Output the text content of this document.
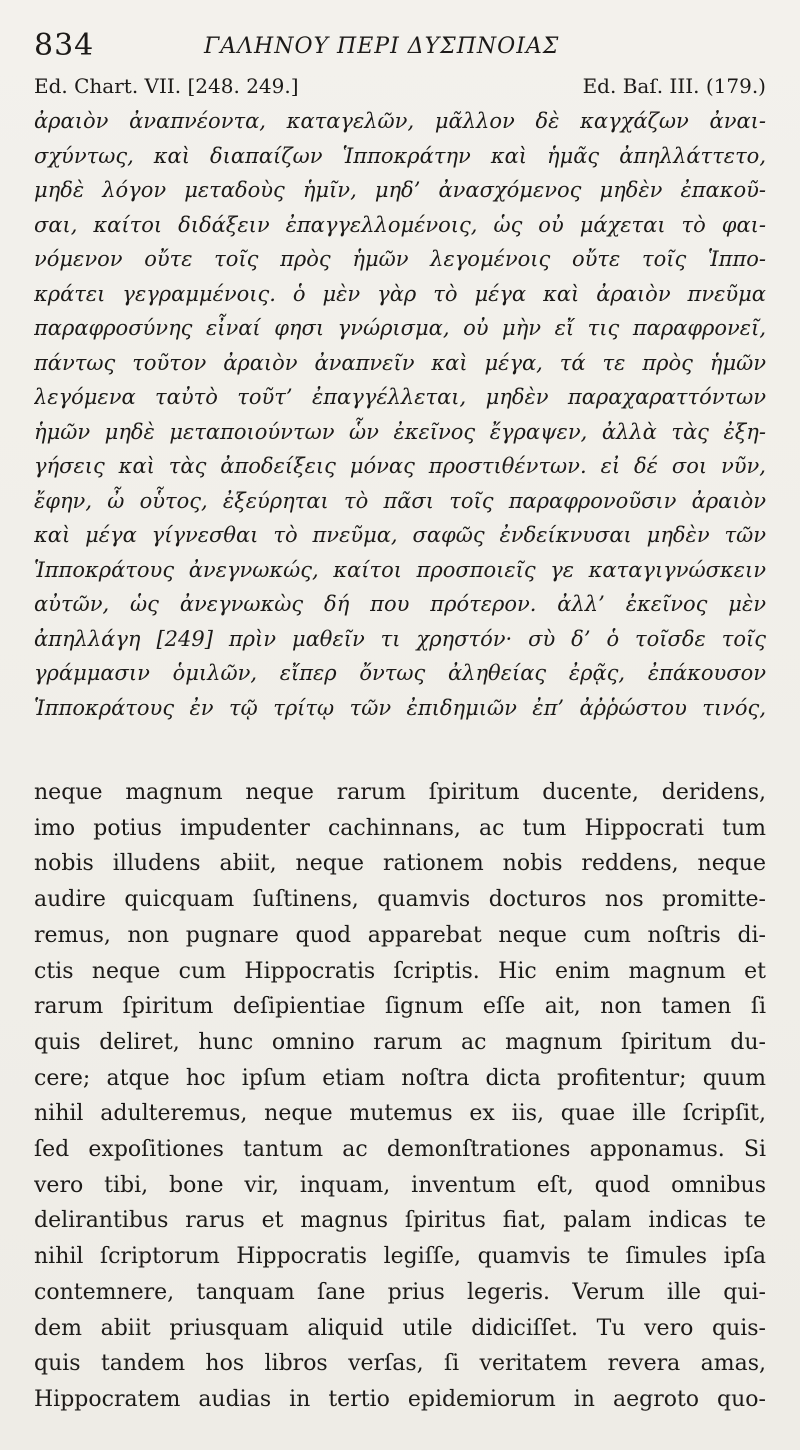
834	ΓΑΛΗΝΟΥ ΠΕΡΙ ΔΥΣΠΝΟΙΑΣ
Ed. Chart. VII. [248. 249.]	Ed. Baſ. III. (179.)

ἀραιὸν ἀναπνέοντα, καταγελῶν, μᾶλλον δὲ καγχάζων ἀναι-
σχύντως, καὶ διαπαίζων Ἱπποκράτην καὶ ἡμᾶς ἀπηλλάττετο,
μηδὲ λόγον μεταδοὺς ἡμῖν, μηδ’ ἀνασχόμενος μηδὲν ἐπακοῦ-
σαι, καίτοι διδάξειν ἐπαγγελλομένοις, ὡς οὐ μάχεται τὸ φαι-
νόμενον οὔτε τοῖς πρὸς ἡμῶν λεγομένοις οὔτε τοῖς Ἱππο-
κράτει γεγραμμένοις. ὁ μὲν γὰρ τὸ μέγα καὶ ἀραιὸν πνεῦμα
παραφροσύνης εἶναί φησι γνώρισμα, οὐ μὴν εἴ τις παραφρονεῖ,
πάντως τοῦτον ἀραιὸν ἀναπνεῖν καὶ μέγα, τά τε πρὸς ἡμῶν
λεγόμενα ταὐτὸ τοῦτ’ ἐπαγγέλλεται, μηδὲν παραχαραττόντων
ἡμῶν μηδὲ μεταποιούντων ὧν ἐκεῖνος ἔγραψεν, ἀλλὰ τὰς ἐξη-
γήσεις καὶ τὰς ἀποδείξεις μόνας προστιθέντων. εἰ δέ σοι νῦν,
ἔφην, ὦ οὗτος, ἐξεύρηται τὸ πᾶσι τοῖς παραφρονοῦσιν ἀραιὸν
καὶ μέγα γίγνεσθαι τὸ πνεῦμα, σαφῶς ἐνδείκνυσαι μηδὲν τῶν
Ἱπποκράτους ἀνεγνωκώς, καίτοι προσποιεῖς γε καταγιγνώσκειν
αὐτῶν, ὡς ἀνεγνωκὼς δή που πρότερον. ἀλλ’ ἐκεῖνος μὲν
ἀπηλλάγη [249] πρὶν μαθεῖν τι χρηστόν· σὺ δ’ ὁ τοῖσδε τοῖς
γράμμασιν ὁμιλῶν, εἴπερ ὄντως ἀληθείας ἐρᾷς, ἐπάκουσον
Ἱπποκράτους ἐν τῷ τρίτῳ τῶν ἐπιδημιῶν ἐπ’ ἀῤῥώστου τινός,

neque magnum neque rarum ſpiritum ducente, deridens,
imo potius impudenter cachinnans, ac tum Hippocrati tum
nobis illudens abiit, neque rationem nobis reddens, neque
audire quicquam ſuſtinens, quamvis docturos nos promitte-
remus, non pugnare quod apparebat neque cum noſtris di-
ctis neque cum Hippocratis ſcriptis. Hic enim magnum et
rarum ſpiritum deſipientiae ſignum eſſe ait, non tamen ſi
quis deliret, hunc omnino rarum ac magnum ſpiritum du-
cere; atque hoc ipſum etiam noſtra dicta profitentur; quum
nihil adulteremus, neque mutemus ex iis, quae ille ſcripſit,
ſed expoſitiones tantum ac demonſtrationes apponamus. Si
vero tibi, bone vir, inquam, inventum eſt, quod omnibus
delirantibus rarus et magnus ſpiritus fiat, palam indicas te
nihil ſcriptorum Hippocratis legiſſe, quamvis te ſimules ipſa
contemnere, tanquam ſane prius legeris. Verum ille qui-
dem abiit priusquam aliquid utile didiciſſet. Tu vero quis-
quis tandem hos libros verſas, ſi veritatem revera amas,
Hippocratem audias in tertio epidemiorum in aegroto quo-
